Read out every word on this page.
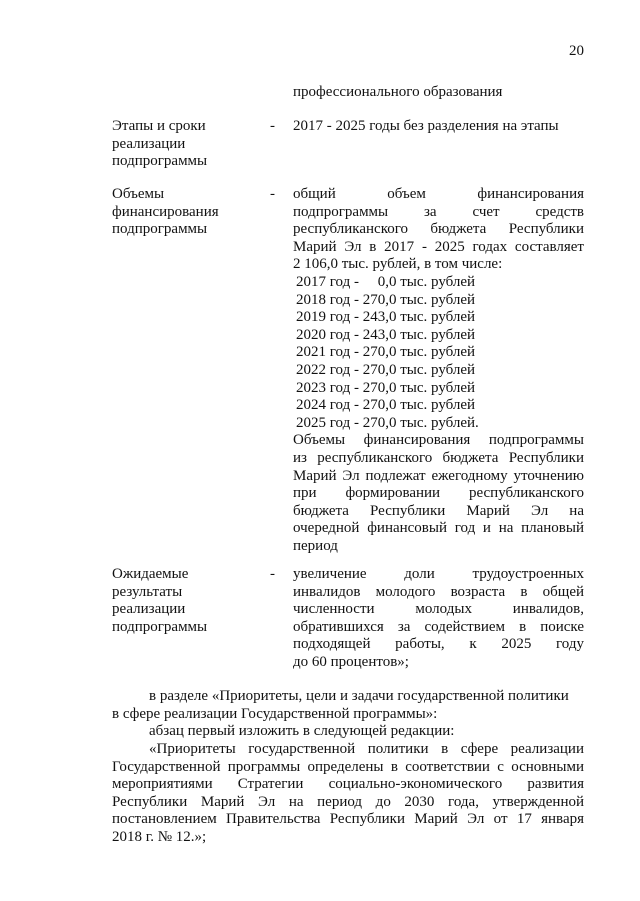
20
профессионального образования
Этапы и сроки
реализации
подпрограммы
- 2017 - 2025 годы без разделения на этапы
Объемы
финансирования
подпрограммы
- общий объем финансирования
подпрограммы за счет средств
республиканского бюджета Республики
Марий Эл в 2017 - 2025 годах составляет
2 106,0 тыс. рублей, в том числе:
2017 год -     0,0 тыс. рублей
2018 год - 270,0 тыс. рублей
2019 год - 243,0 тыс. рублей
2020 год - 243,0 тыс. рублей
2021 год - 270,0 тыс. рублей
2022 год - 270,0 тыс. рублей
2023 год - 270,0 тыс. рублей
2024 год - 270,0 тыс. рублей
2025 год - 270,0 тыс. рублей.
Объемы финансирования подпрограммы
из республиканского бюджета Республики
Марий Эл подлежат ежегодному уточнению
при формировании республиканского
бюджета Республики Марий Эл на
очередной финансовый год и на плановый
период
Ожидаемые
результаты
реализации
подпрограммы
- увеличение доли трудоустроенных
инвалидов молодого возраста в общей
численности молодых инвалидов,
обратившихся за содействием в поиске
подходящей работы, к 2025 году
до 60 процентов»;
в разделе «Приоритеты, цели и задачи государственной политики
в сфере реализации Государственной программы»:
абзац первый изложить в следующей редакции:
«Приоритеты государственной политики в сфере реализации
Государственной программы определены в соответствии с основными
мероприятиями Стратегии социально-экономического развития
Республики Марий Эл на период до 2030 года, утвержденной
постановлением Правительства Республики Марий Эл от 17 января
2018 г. № 12.»;
